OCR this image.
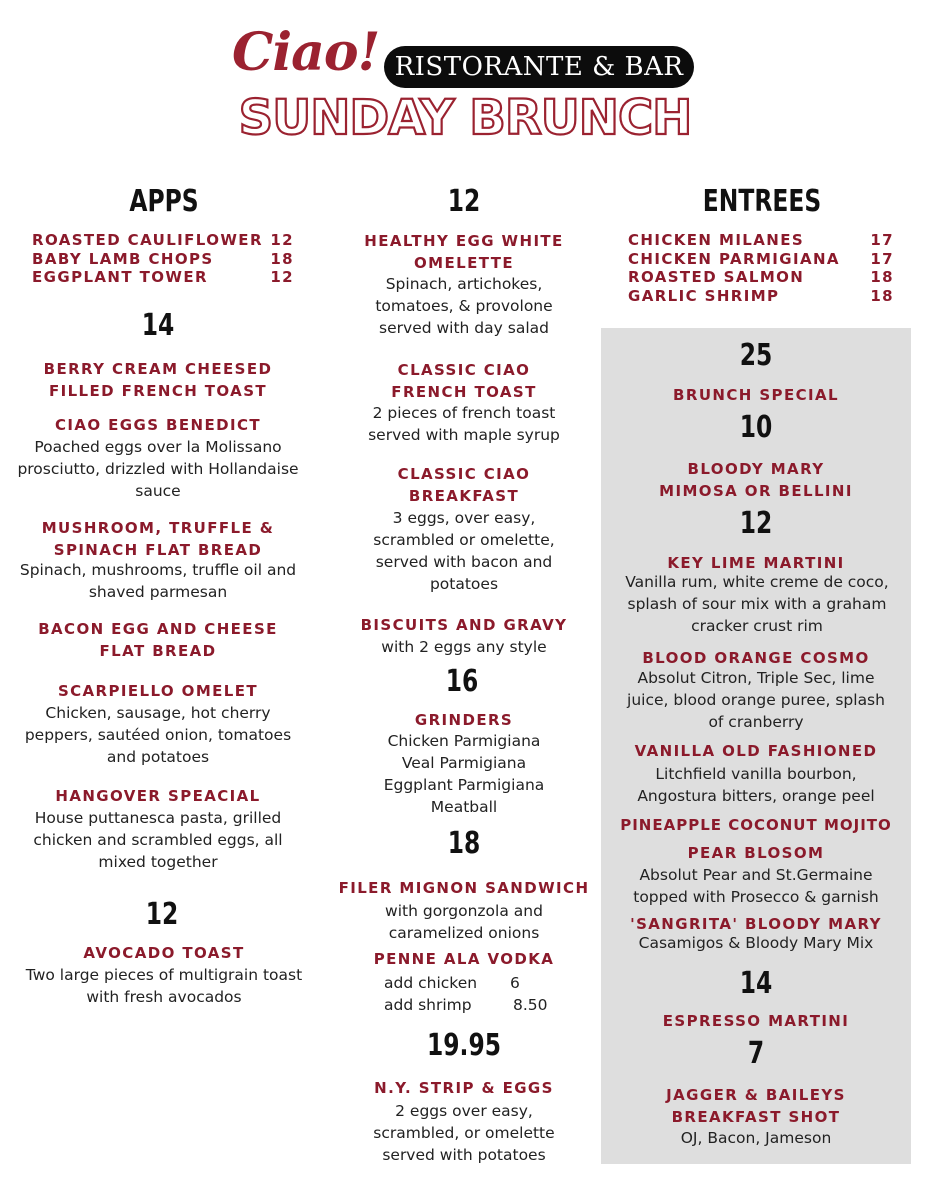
Ciao! RISTORANTE & BAR
SUNDAY BRUNCH
APPS
ROASTED CAULIFLOWER 12
BABY LAMB CHOPS	18
EGGPLANT TOWER	12
14
BERRY CREAM CHEESED
FILLED FRENCH TOAST
CIAO EGGS BENEDICT
Poached eggs over la Molissano prosciutto, drizzled with Hollandaise sauce
MUSHROOM, TRUFFLE &
SPINACH FLAT BREAD
Spinach, mushrooms, truffle oil and shaved parmesan
BACON EGG AND CHEESE
FLAT BREAD
SCARPIELLO OMELET
Chicken, sausage, hot cherry peppers, sautéed onion, tomatoes and potatoes
HANGOVER SPEACIAL
House puttanesca pasta, grilled chicken and scrambled eggs, all mixed together
12
AVOCADO TOAST
Two large pieces of multigrain toast with fresh avocados
12
HEALTHY EGG WHITE
OMELETTE
Spinach, artichokes, tomatoes, & provolone served with day salad
CLASSIC CIAO
FRENCH TOAST
2 pieces of french toast served with maple syrup
CLASSIC CIAO
BREAKFAST
3 eggs, over easy, scrambled or omelette, served with bacon and potatoes
BISCUITS AND GRAVY
with 2 eggs any style
16
GRINDERS
Chicken Parmigiana
Veal Parmigiana
Eggplant Parmigiana
Meatball
18
FILER MIGNON SANDWICH
with gorgonzola and caramelized onions
PENNE ALA VODKA
add chicken 6
add shrimp	8.50
19.95
N.Y. STRIP & EGGS
2 eggs over easy, scrambled, or omelette served with potatoes
ENTREES
CHICKEN MILANES	17
CHICKEN PARMIGIANA 17
ROASTED SALMON	18
GARLIC SHRIMP	18
25
BRUNCH SPECIAL
10
BLOODY MARY
MIMOSA OR BELLINI
12
KEY LIME MARTINI
Vanilla rum, white creme de coco, splash of sour mix with a graham cracker crust rim
BLOOD ORANGE COSMO
Absolut Citron, Triple Sec, lime juice, blood orange puree, splash of cranberry
VANILLA OLD FASHIONED
Litchfield vanilla bourbon, Angostura bitters, orange peel
PINEAPPLE COCONUT MOJITO
PEAR BLOSOM
Absolut Pear and St.Germaine topped with Prosecco & garnish
'SANGRITA' BLOODY MARY
Casamigos & Bloody Mary Mix
14
ESPRESSO MARTINI
7
JAGGER & BAILEYS
BREAKFAST SHOT
OJ, Bacon, Jameson
